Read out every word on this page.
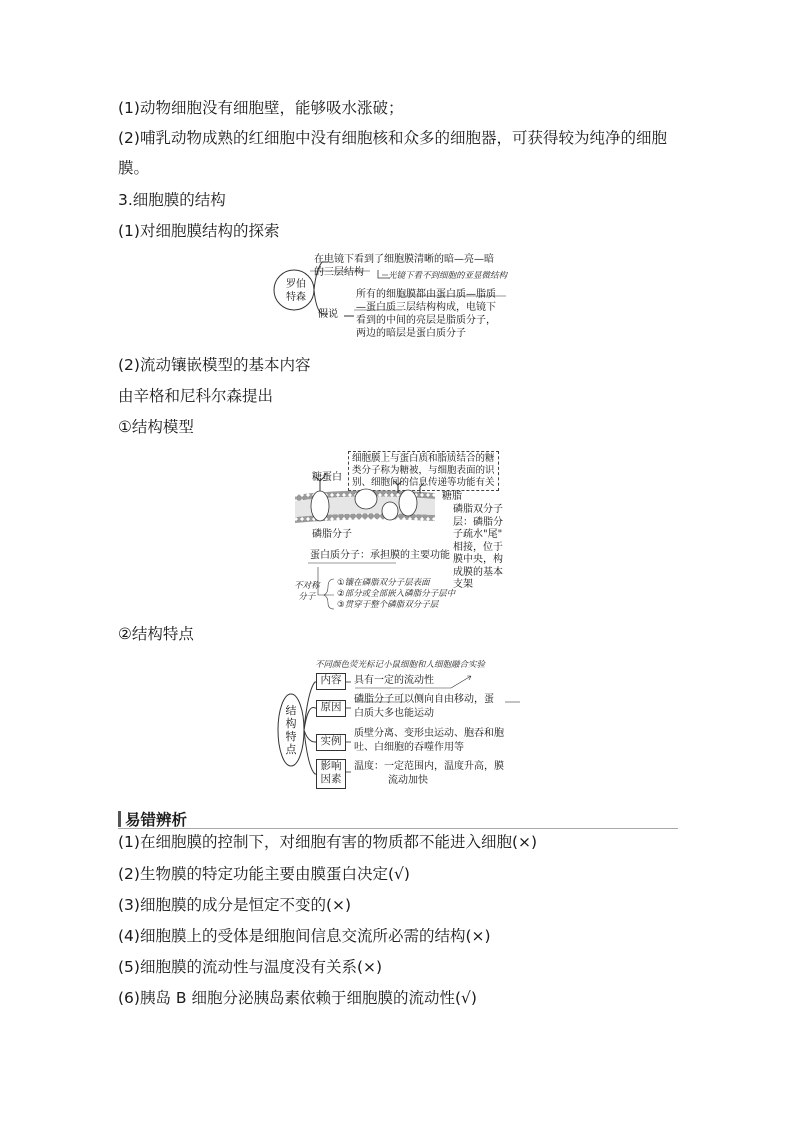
(1)动物细胞没有细胞壁，能够吸水涨破；
(2)哺乳动物成熟的红细胞中没有细胞核和众多的细胞器，可获得较为纯净的细胞
膜。
3.细胞膜的结构
(1)对细胞膜结构的探索
罗伯
特森
在电镜下看到了细胞膜清晰的暗—亮—暗
的三层结构	光镜下看不到细胞的亚显微结构
假说
所有的细胞膜都由蛋白质—脂质
—蛋白质三层结构构成，电镜下
看到的中间的亮层是脂质分子，
两边的暗层是蛋白质分子
(2)流动镶嵌模型的基本内容
由辛格和尼科尔森提出
①结构模型
细胞膜上与蛋白质和脂质结合的糖
类分子称为糖被，与细胞表面的识
别、细胞间的信息传递等功能有关
糖蛋白
糖脂
磷脂分子
磷脂双分子
层：磷脂分
子疏水"尾"
相接，位于
膜中央，构
成膜的基本
支架
蛋白质分子：承担膜的主要功能
不对称
分子
①镶在磷脂双分子层表面
②部分或全部嵌入磷脂分子层中
③贯穿于整个磷脂双分子层
②结构特点
不同颜色荧光标记小鼠细胞和人细胞融合实验
结
构
特
点
内容	具有一定的流动性
原因
磷脂分子可以侧向自由移动，蛋
白质大多也能运动
实例
质壁分离、变形虫运动、胞吞和胞
吐、白细胞的吞噬作用等
影响
因素
温度：一定范围内，温度升高，膜
流动加快
易错辨析
(1)在细胞膜的控制下，对细胞有害的物质都不能进入细胞(×)
(2)生物膜的特定功能主要由膜蛋白决定(√)
(3)细胞膜的成分是恒定不变的(×)
(4)细胞膜上的受体是细胞间信息交流所必需的结构(×)
(5)细胞膜的流动性与温度没有关系(×)
(6)胰岛 B 细胞分泌胰岛素依赖于细胞膜的流动性(√)
